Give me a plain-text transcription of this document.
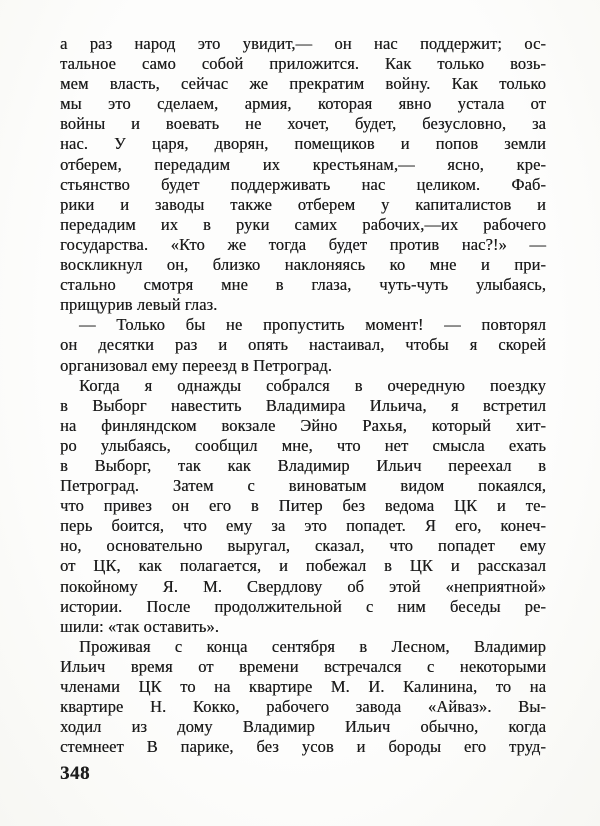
а раз народ это увидит,— он нас поддержит; ос-
тальное само собой приложится. Как только возь-
мем власть, сейчас же прекратим войну. Как только
мы это сделаем, армия, которая явно устала от
войны и воевать не хочет, будет, безусловно, за
нас. У царя, дворян, помещиков и попов земли
отберем, передадим их крестьянам,— ясно, кре-
стьянство будет поддерживать нас целиком. Фаб-
рики и заводы также отберем у капиталистов и
передадим их в руки самих рабочих,—их рабочего
государства. «Кто же тогда будет против нас?!» —
воскликнул он, близко наклоняясь ко мне и при-
стально смотря мне в глаза, чуть-чуть улыбаясь,
прищурив левый глаз.
— Только бы не пропустить момент! — повторял
он десятки раз и опять настаивал, чтобы я скорей
организовал ему переезд в Петроград.
Когда я однажды собрался в очередную поездку
в Выборг навестить Владимира Ильича, я встретил
на финляндском вокзале Эйно Рахья, который хит-
ро улыбаясь, сообщил мне, что нет смысла ехать
в Выборг, так как Владимир Ильич переехал в
Петроград. Затем с виноватым видом покаялся,
что привез он его в Питер без ведома ЦК и те-
перь боится, что ему за это попадет. Я его, конеч-
но, основательно выругал, сказал, что попадет ему
от ЦК, как полагается, и побежал в ЦК и рассказал
покойному Я. М. Свердлову об этой «неприятной»
истории. После продолжительной с ним беседы ре-
шили: «так оставить».
Проживая с конца сентября в Лесном, Владимир
Ильич время от времени встречался с некоторыми
членами ЦК то на квартире М. И. Калинина, то на
квартире Н. Кокко, рабочего завода «Айваз». Вы-
ходил из дому Владимир Ильич обычно, когда
стемнеет В парике, без усов и бороды его труд-
348
